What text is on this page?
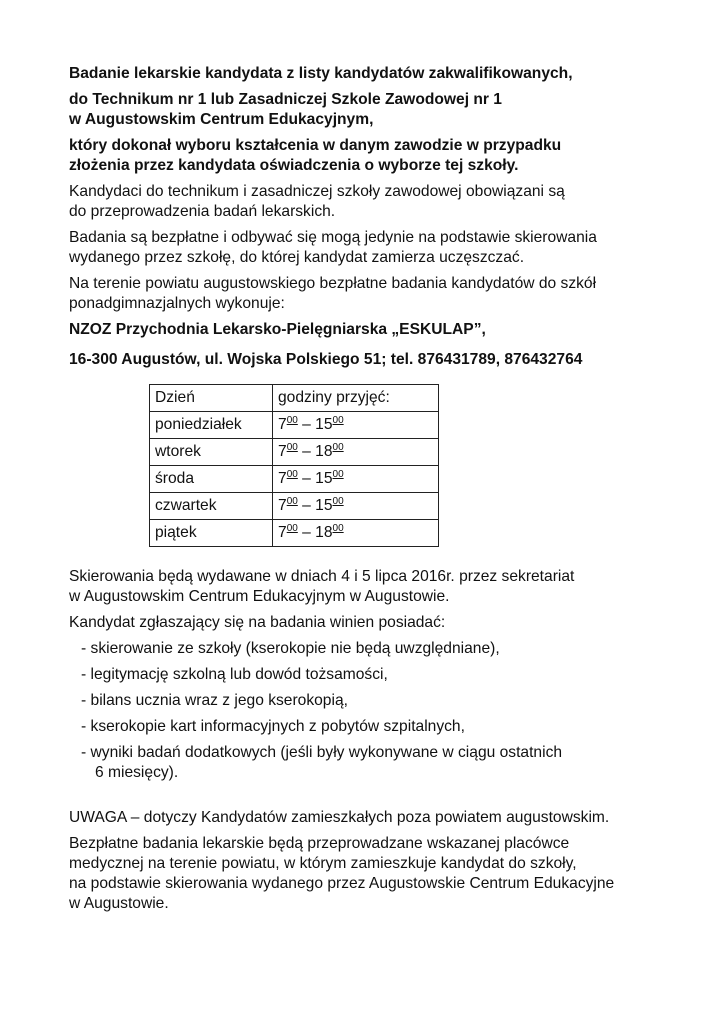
Badanie lekarskie kandydata z listy kandydatów zakwalifikowanych,

do Technikum nr 1 lub Zasadniczej Szkole Zawodowej nr 1
w Augustowskim Centrum Edukacyjnym,

który dokonał wyboru kształcenia w danym zawodzie w przypadku
złożenia przez kandydata oświadczenia o wyborze tej szkoły.

Kandydaci do technikum i zasadniczej szkoły zawodowej obowiązani są
do przeprowadzenia badań lekarskich.

Badania są bezpłatne i odbywać się mogą jedynie na podstawie skierowania
wydanego przez szkołę, do której kandydat zamierza uczęszczać.

Na terenie powiatu augustowskiego bezpłatne badania kandydatów do szkół
ponadgimnazjalnych wykonuje:

NZOZ Przychodnia Lekarsko-Pielęgniarska „ESKULAP”,

16-300 Augustów, ul. Wojska Polskiego 51; tel. 876431789, 876432764

Dzień	godziny przyjęć:
poniedziałek	$7^{00} - 15^{00}$
wtorek	$7^{00} - 18^{00}$
środa	$7^{00} - 15^{00}$
czwartek	$7^{00} - 15^{00}$
piątek	$7^{00} - 18^{00}$

Skierowania będą wydawane w dniach 4 i 5 lipca 2016r. przez sekretariat
w Augustowskim Centrum Edukacyjnym w Augustowie.

Kandydat zgłaszający się na badania winien posiadać:

- skierowanie ze szkoły (kserokopie nie będą uwzględniane),

- legitymację szkolną lub dowód tożsamości,

- bilans ucznia wraz z jego kserokopią,

- kserokopie kart informacyjnych z pobytów szpitalnych,

- wyniki badań dodatkowych (jeśli były wykonywane w ciągu ostatnich
6 miesięcy).

UWAGA – dotyczy Kandydatów zamieszkałych poza powiatem augustowskim.

Bezpłatne badania lekarskie będą przeprowadzane wskazanej placówce
medycznej na terenie powiatu, w którym zamieszkuje kandydat do szkoły,
na podstawie skierowania wydanego przez Augustowskie Centrum Edukacyjne
w Augustowie.
